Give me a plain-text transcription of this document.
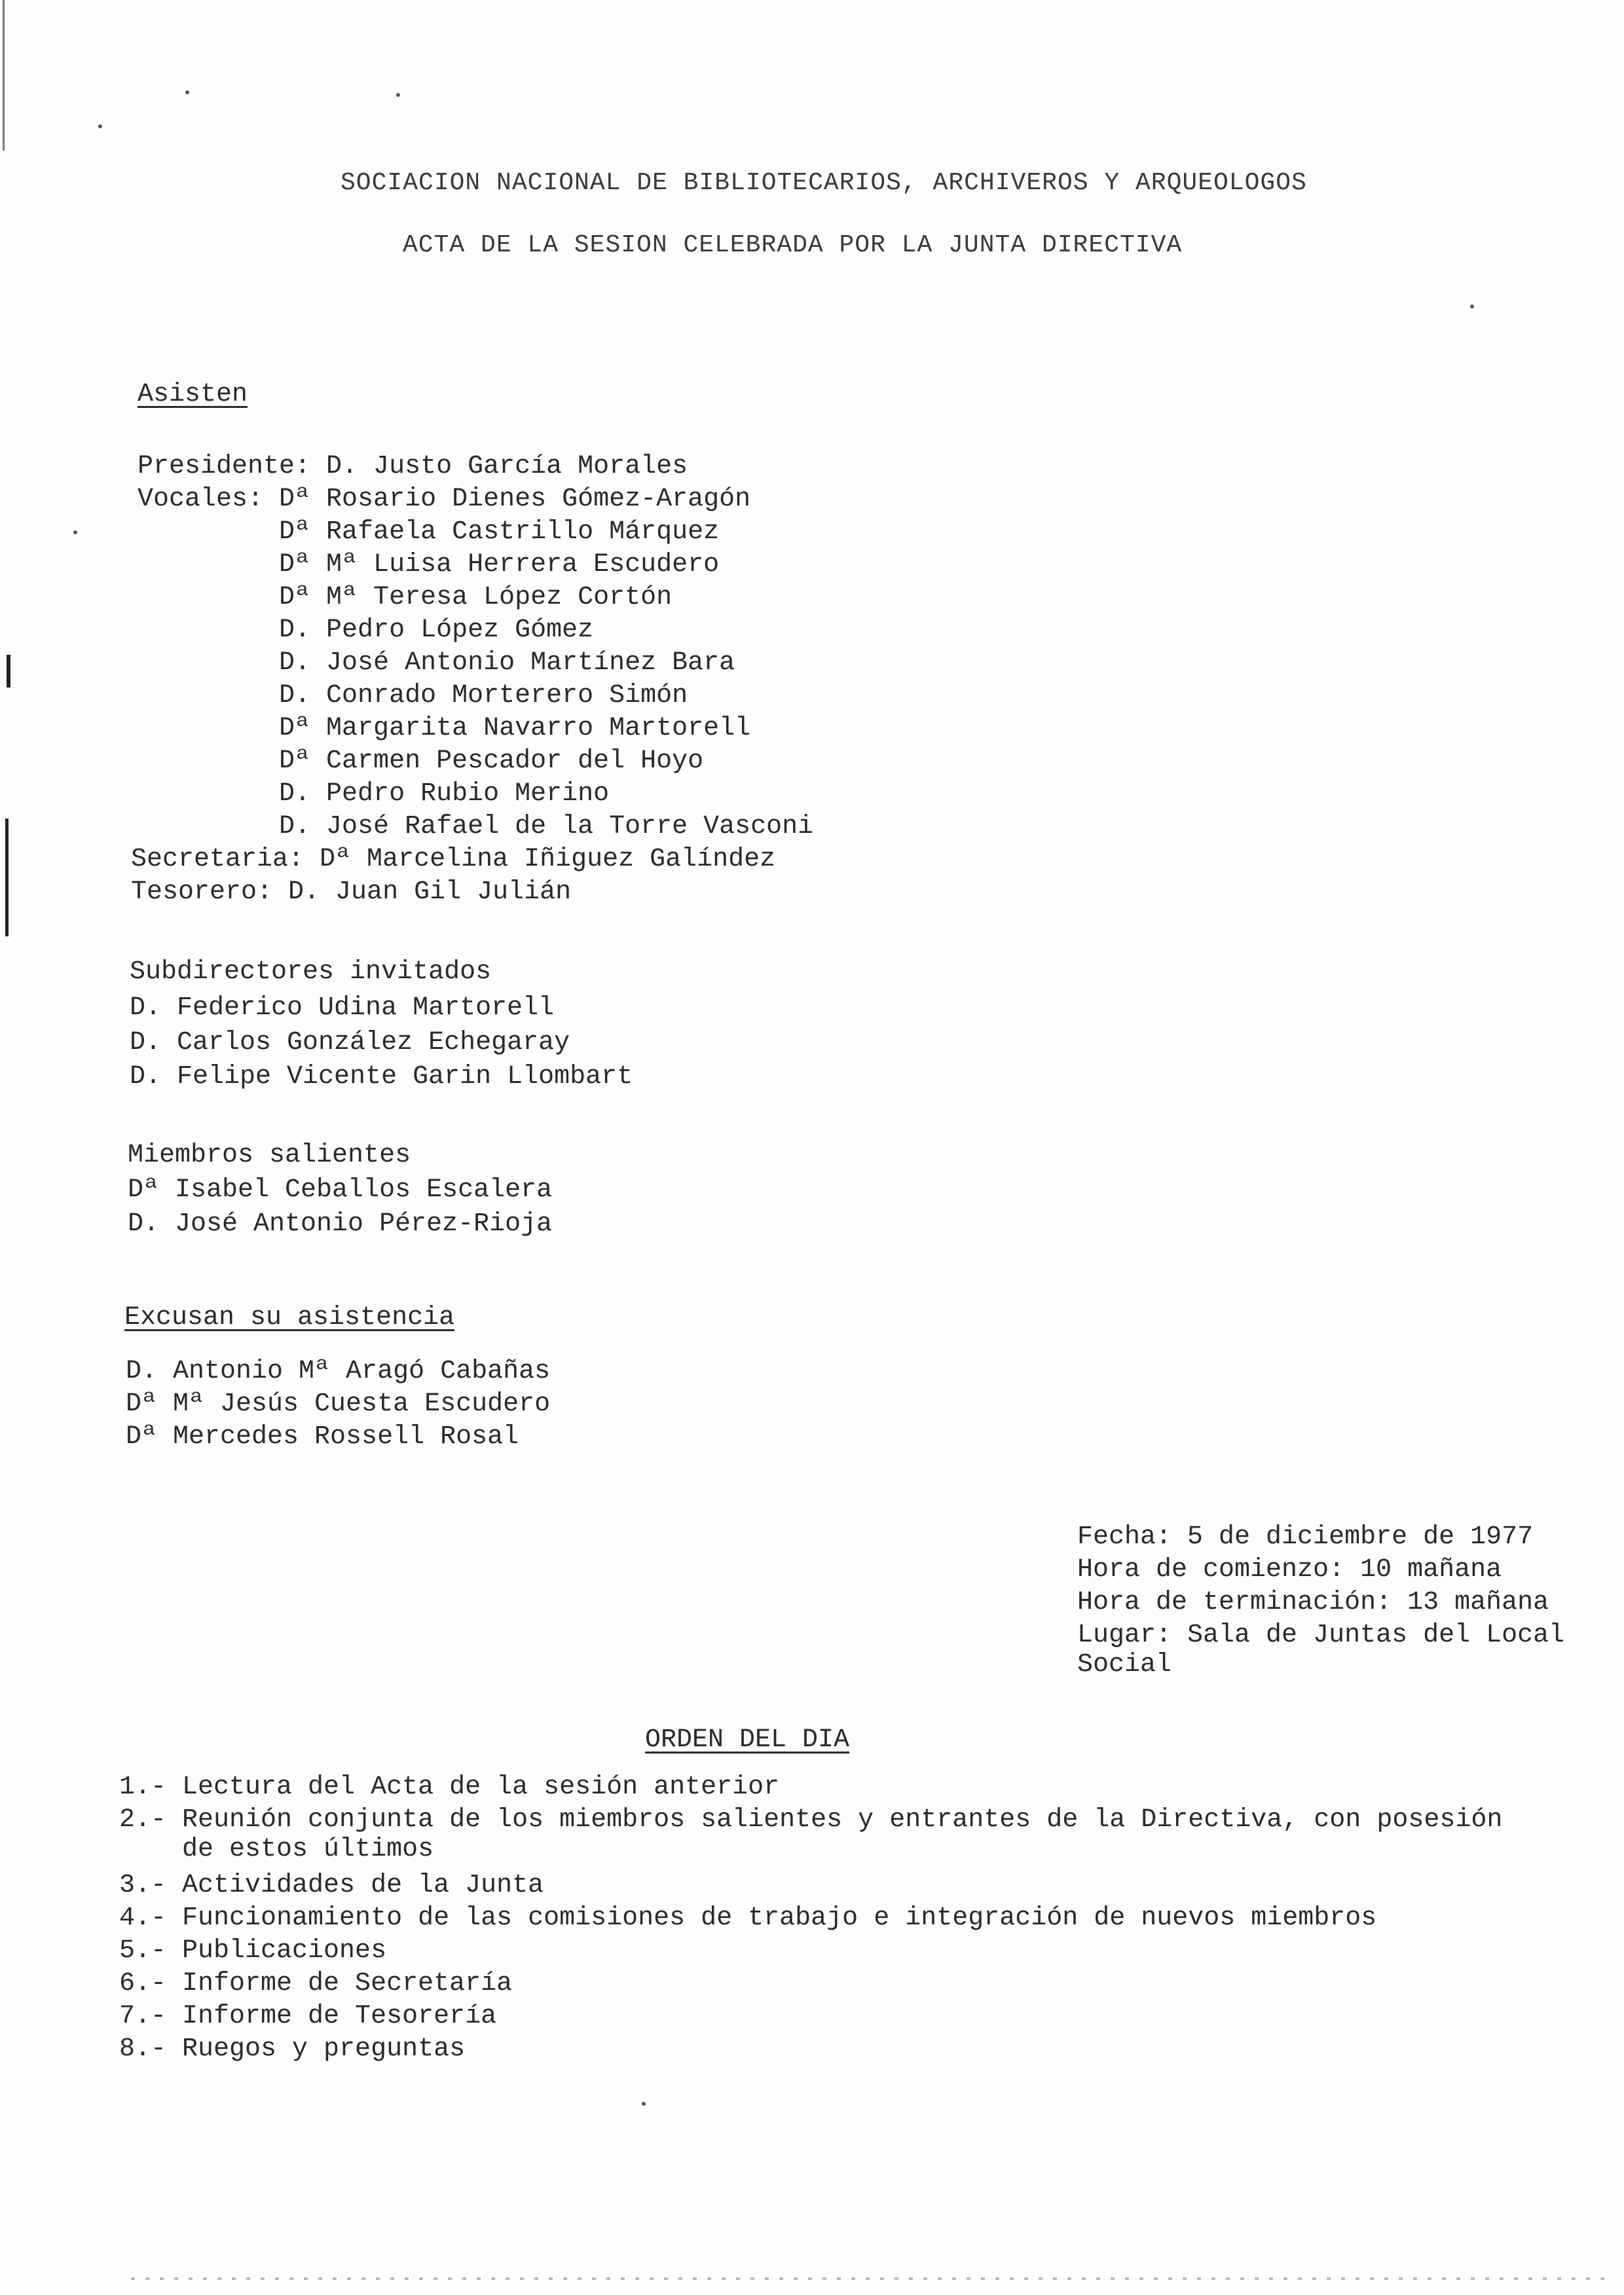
SOCIACION NACIONAL DE BIBLIOTECARIOS, ARCHIVEROS Y ARQUEOLOGOS
ACTA DE LA SESION CELEBRADA POR LA JUNTA DIRECTIVA
Asisten
Presidente: D. Justo García Morales
Vocales: Dª Rosario Dienes Gómez-Aragón
Dª Rafaela Castrillo Márquez
Dª Mª Luisa Herrera Escudero
Dª Mª Teresa López Cortón
D. Pedro López Gómez
D. José Antonio Martínez Bara
D. Conrado Morterero Simón
Dª Margarita Navarro Martorell
Dª Carmen Pescador del Hoyo
D. Pedro Rubio Merino
D. José Rafael de la Torre Vasconi
Secretaria: Dª Marcelina Iñiguez Galíndez
Tesorero: D. Juan Gil Julián
Subdirectores invitados
D. Federico Udina Martorell
D. Carlos González Echegaray
D. Felipe Vicente Garin Llombart
Miembros salientes
Dª Isabel Ceballos Escalera
D. José Antonio Pérez-Rioja
Excusan su asistencia
D. Antonio Mª Aragó Cabañas
Dª Mª Jesús Cuesta Escudero
Dª Mercedes Rossell Rosal
Fecha: 5 de diciembre de 1977
Hora de comienzo: 10 mañana
Hora de terminación: 13 mañana
Lugar: Sala de Juntas del Local
Social
ORDEN DEL DIA
1.- Lectura del Acta de la sesión anterior
2.- Reunión conjunta de los miembros salientes y entrantes de la Directiva, con posesión
de estos últimos
3.- Actividades de la Junta
4.- Funcionamiento de las comisiones de trabajo e integración de nuevos miembros
5.- Publicaciones
6.- Informe de Secretaría
7.- Informe de Tesorería
8.- Ruegos y preguntas
